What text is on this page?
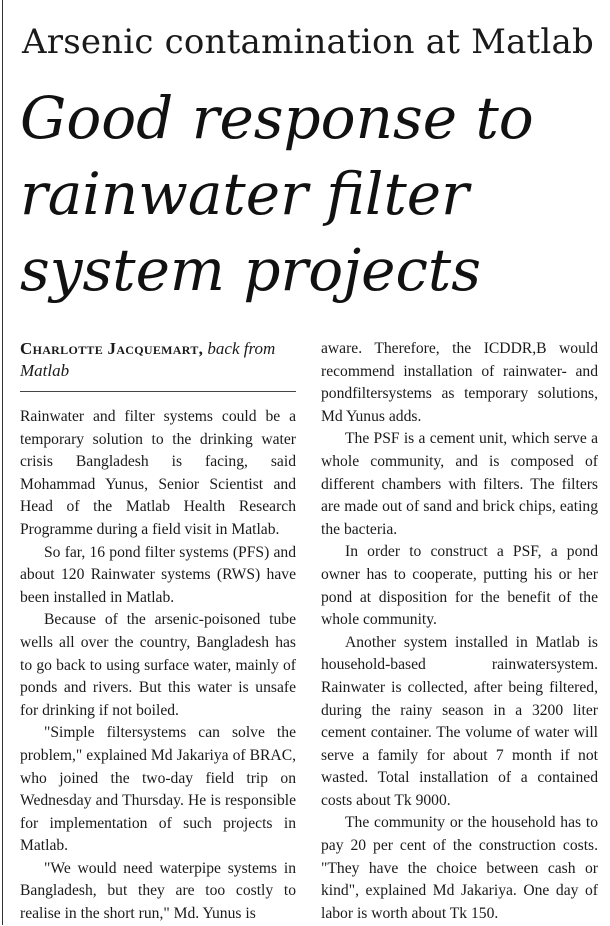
Arsenic contamination at Matlab
Good response to
rainwater filter
system projects
Charlotte Jacquemart, back from Matlab

Rainwater and filter systems could be a temporary solution to the drinking water crisis Bangladesh is facing, said Mohammad Yunus, Senior Scientist and Head of the Matlab Health Research Programme during a field visit in Matlab.

So far, 16 pond filter systems (PFS) and about 120 Rainwater systems (RWS) have been installed in Matlab.

Because of the arsenic-poisoned tube wells all over the country, Bangladesh has to go back to using surface water, mainly of ponds and rivers. But this water is unsafe for drinking if not boiled.

"Simple filtersystems can solve the problem," explained Md Jakariya of BRAC, who joined the two-day field trip on Wednesday and Thursday. He is responsible for implementation of such projects in Matlab.

"We would need waterpipe systems in Bangladesh, but they are too costly to realise in the short run," Md. Yunus is

aware. Therefore, the ICDDR,B would recommend installation of rainwater- and pondfiltersystems as temporary solutions, Md Yunus adds.

The PSF is a cement unit, which serve a whole community, and is composed of different chambers with filters. The filters are made out of sand and brick chips, eating the bacteria.

In order to construct a PSF, a pond owner has to cooperate, putting his or her pond at disposition for the benefit of the whole community.

Another system installed in Matlab is household-based rainwatersystem. Rainwater is collected, after being filtered, during the rainy season in a 3200 liter cement container. The volume of water will serve a family for about 7 month if not wasted. Total installation of a contained costs about Tk 9000.

The community or the household has to pay 20 per cent of the construction costs. "They have the choice between cash or kind", explained Md Jakariya. One day of labor is worth about Tk 150.
